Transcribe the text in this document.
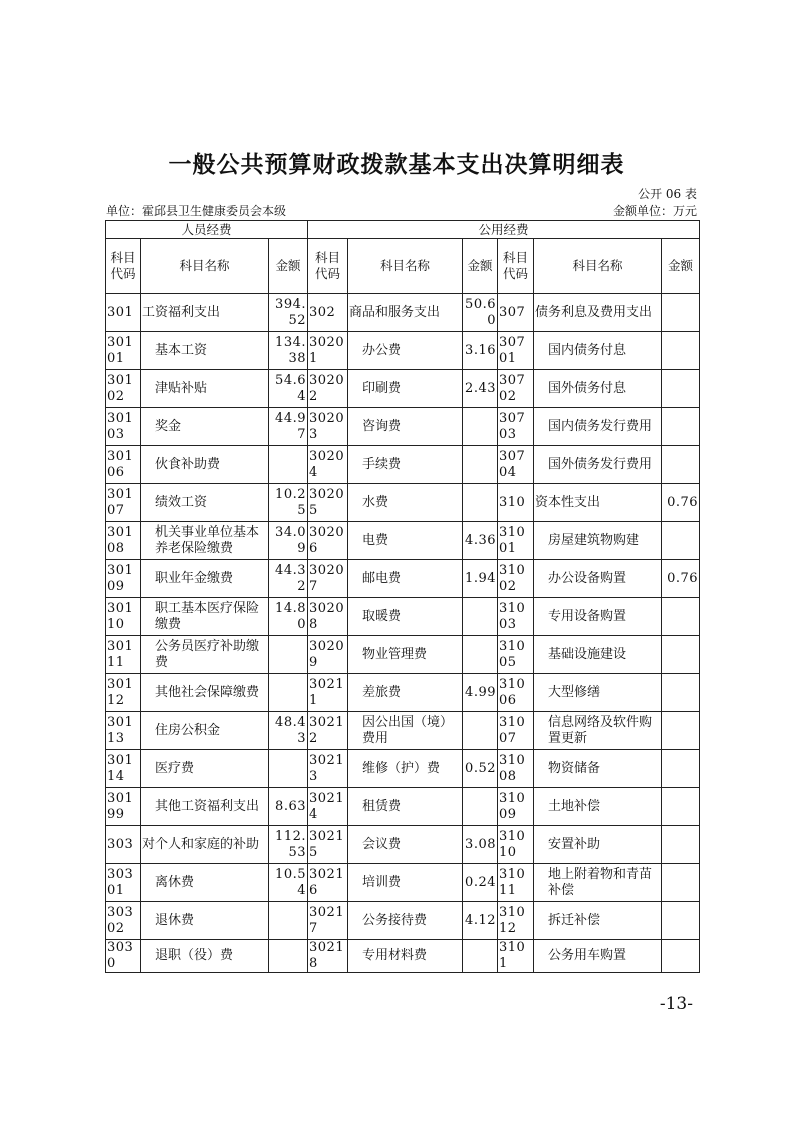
一般公共预算财政拨款基本支出决算明细表
公开 06 表
单位：霍邱县卫生健康委员会本级	金额单位：万元
人员经费			公用经费					
科目代码	科目名称	金额	科目代码	科目名称	金额	科目代码	科目名称	金额
301	工资福利支出	394.52	302	商品和服务支出	50.60	307	债务利息及费用支出	
30101	基本工资	134.38	30201	办公费	3.16	30701	国内债务付息	
30102	津贴补贴	54.64	30202	印刷费	2.43	30702	国外债务付息	
30103	奖金	44.97	30203	咨询费		30703	国内债务发行费用	
30106	伙食补助费		30204	手续费		30704	国外债务发行费用	
30107	绩效工资	10.25	30205	水费		310	资本性支出	0.76
30108	机关事业单位基本养老保险缴费	34.09	30206	电费	4.36	31001	房屋建筑物购建	
30109	职业年金缴费	44.32	30207	邮电费	1.94	31002	办公设备购置	0.76
30110	职工基本医疗保险缴费	14.80	30208	取暖费		31003	专用设备购置	
30111	公务员医疗补助缴费		30209	物业管理费		31005	基础设施建设	
30112	其他社会保障缴费		30211	差旅费	4.99	31006	大型修缮	
30113	住房公积金	48.43	30212	因公出国（境）费用		31007	信息网络及软件购置更新	
30114	医疗费		30213	维修（护）费	0.52	31008	物资储备	
30199	其他工资福利支出	8.63	30214	租赁费		31009	土地补偿	
303	对个人和家庭的补助	112.53	30215	会议费	3.08	31010	安置补助	
30301	离休费	10.54	30216	培训费	0.24	31011	地上附着物和青苗补偿	
30302	退休费		30217	公务接待费	4.12	31012	拆迁补偿	
3030	退职（役）费		30218	专用材料费		3101	公务用车购置	
-13-
